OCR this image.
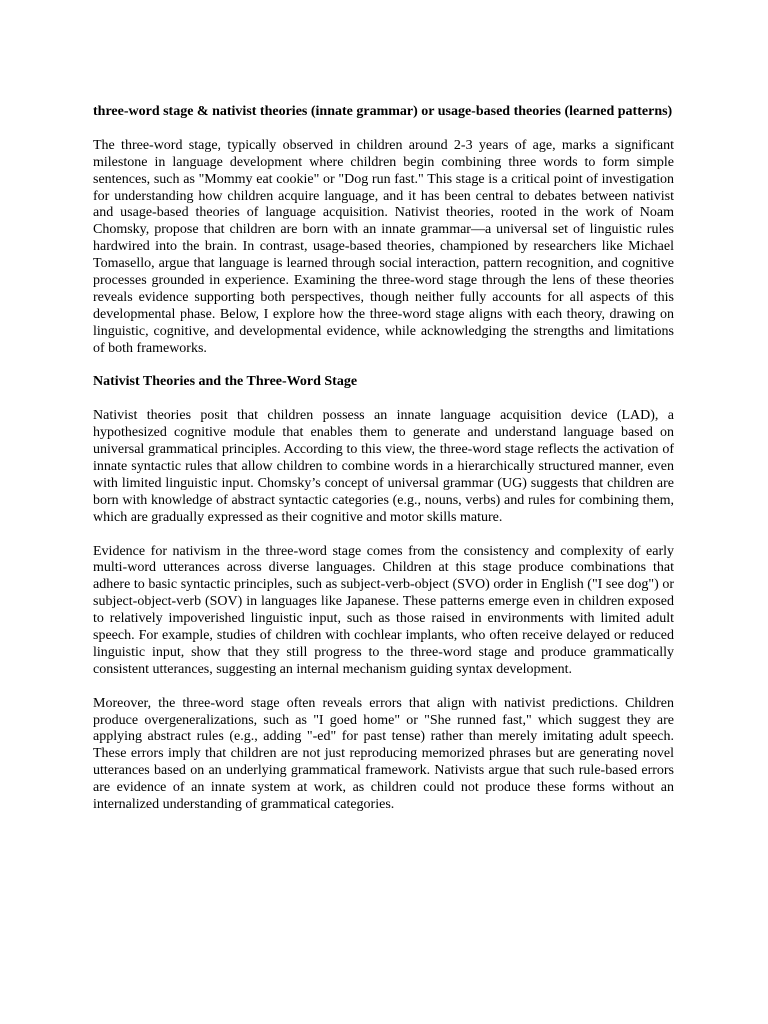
three-word stage & nativist theories (innate grammar) or usage-based theories (learned patterns)

The three-word stage, typically observed in children around 2-3 years of age, marks a significant milestone in language development where children begin combining three words to form simple sentences, such as "Mommy eat cookie" or "Dog run fast." This stage is a critical point of investigation for understanding how children acquire language, and it has been central to debates between nativist and usage-based theories of language acquisition. Nativist theories, rooted in the work of Noam Chomsky, propose that children are born with an innate grammar—a universal set of linguistic rules hardwired into the brain. In contrast, usage-based theories, championed by researchers like Michael Tomasello, argue that language is learned through social interaction, pattern recognition, and cognitive processes grounded in experience. Examining the three-word stage through the lens of these theories reveals evidence supporting both perspectives, though neither fully accounts for all aspects of this developmental phase. Below, I explore how the three-word stage aligns with each theory, drawing on linguistic, cognitive, and developmental evidence, while acknowledging the strengths and limitations of both frameworks.

Nativist Theories and the Three-Word Stage

Nativist theories posit that children possess an innate language acquisition device (LAD), a hypothesized cognitive module that enables them to generate and understand language based on universal grammatical principles. According to this view, the three-word stage reflects the activation of innate syntactic rules that allow children to combine words in a hierarchically structured manner, even with limited linguistic input. Chomsky’s concept of universal grammar (UG) suggests that children are born with knowledge of abstract syntactic categories (e.g., nouns, verbs) and rules for combining them, which are gradually expressed as their cognitive and motor skills mature.

Evidence for nativism in the three-word stage comes from the consistency and complexity of early multi-word utterances across diverse languages. Children at this stage produce combinations that adhere to basic syntactic principles, such as subject-verb-object (SVO) order in English ("I see dog") or subject-object-verb (SOV) in languages like Japanese. These patterns emerge even in children exposed to relatively impoverished linguistic input, such as those raised in environments with limited adult speech. For example, studies of children with cochlear implants, who often receive delayed or reduced linguistic input, show that they still progress to the three-word stage and produce grammatically consistent utterances, suggesting an internal mechanism guiding syntax development.

Moreover, the three-word stage often reveals errors that align with nativist predictions. Children produce overgeneralizations, such as "I goed home" or "She runned fast," which suggest they are applying abstract rules (e.g., adding "-ed" for past tense) rather than merely imitating adult speech. These errors imply that children are not just reproducing memorized phrases but are generating novel utterances based on an underlying grammatical framework. Nativists argue that such rule-based errors are evidence of an innate system at work, as children could not produce these forms without an internalized understanding of grammatical categories.
